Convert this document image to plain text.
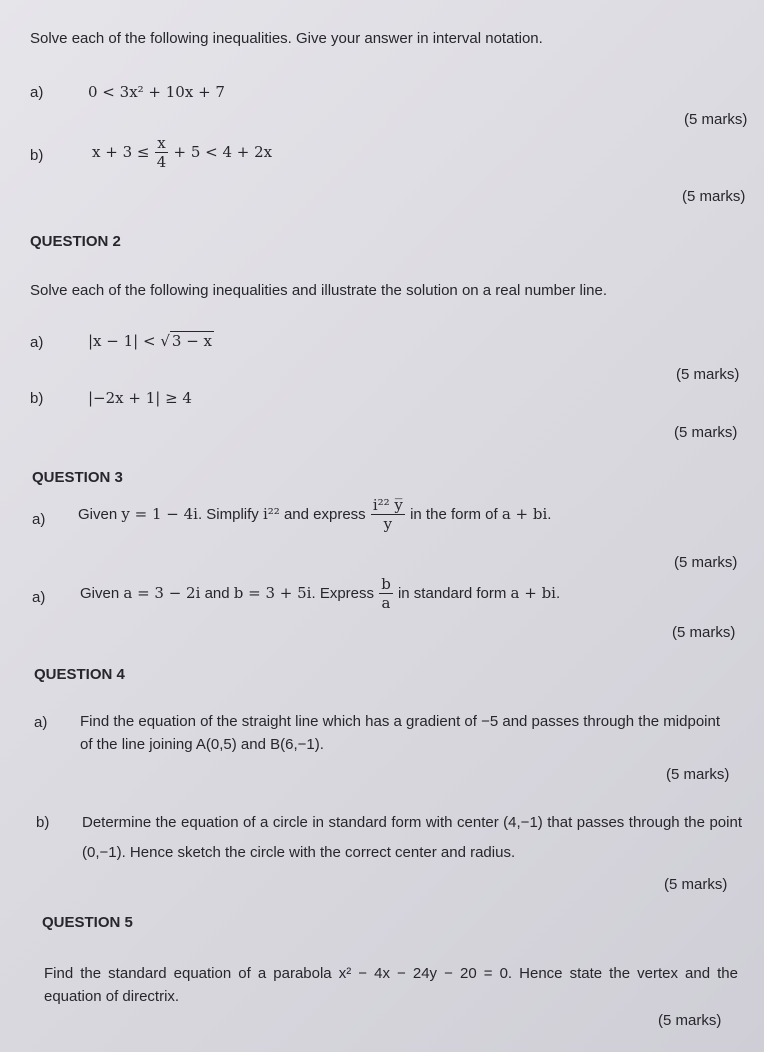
Solve each of the following inequalities. Give your answer in interval notation.
a)	0 < 3x² + 10x + 7
(5 marks)
b)	$x + 3 \le \frac{x}{4} + 5 < 4 + 2x$
(5 marks)
QUESTION 2
Solve each of the following inequalities and illustrate the solution on a real number line.
a)	|x − 1| < √ 3 − x
(5 marks)
b)	|−2x + 1| ≥ 4
(5 marks)
QUESTION 3
a) Given y = 1 − 4i. Simplify i²² and express $\frac{\text{i²² y̅}}{y}$ in the form of a + bi.
(5 marks)
a) Given a = 3 − 2i and b = 3 + 5i. Express $\frac{b}{a}$ in standard form a + bi.
(5 marks)
QUESTION 4
a) Find the equation of the straight line which has a gradient of −5 and passes through the midpoint of the line joining A(0,5) and B(6,−1).
(5 marks)
b) Determine the equation of a circle in standard form with center (4,−1) that passes through the point (0,−1). Hence sketch the circle with the correct center and radius.
(5 marks)
QUESTION 5
Find the standard equation of a parabola x² − 4x − 24y − 20 = 0. Hence state the vertex and the equation of directrix.
(5 marks)
